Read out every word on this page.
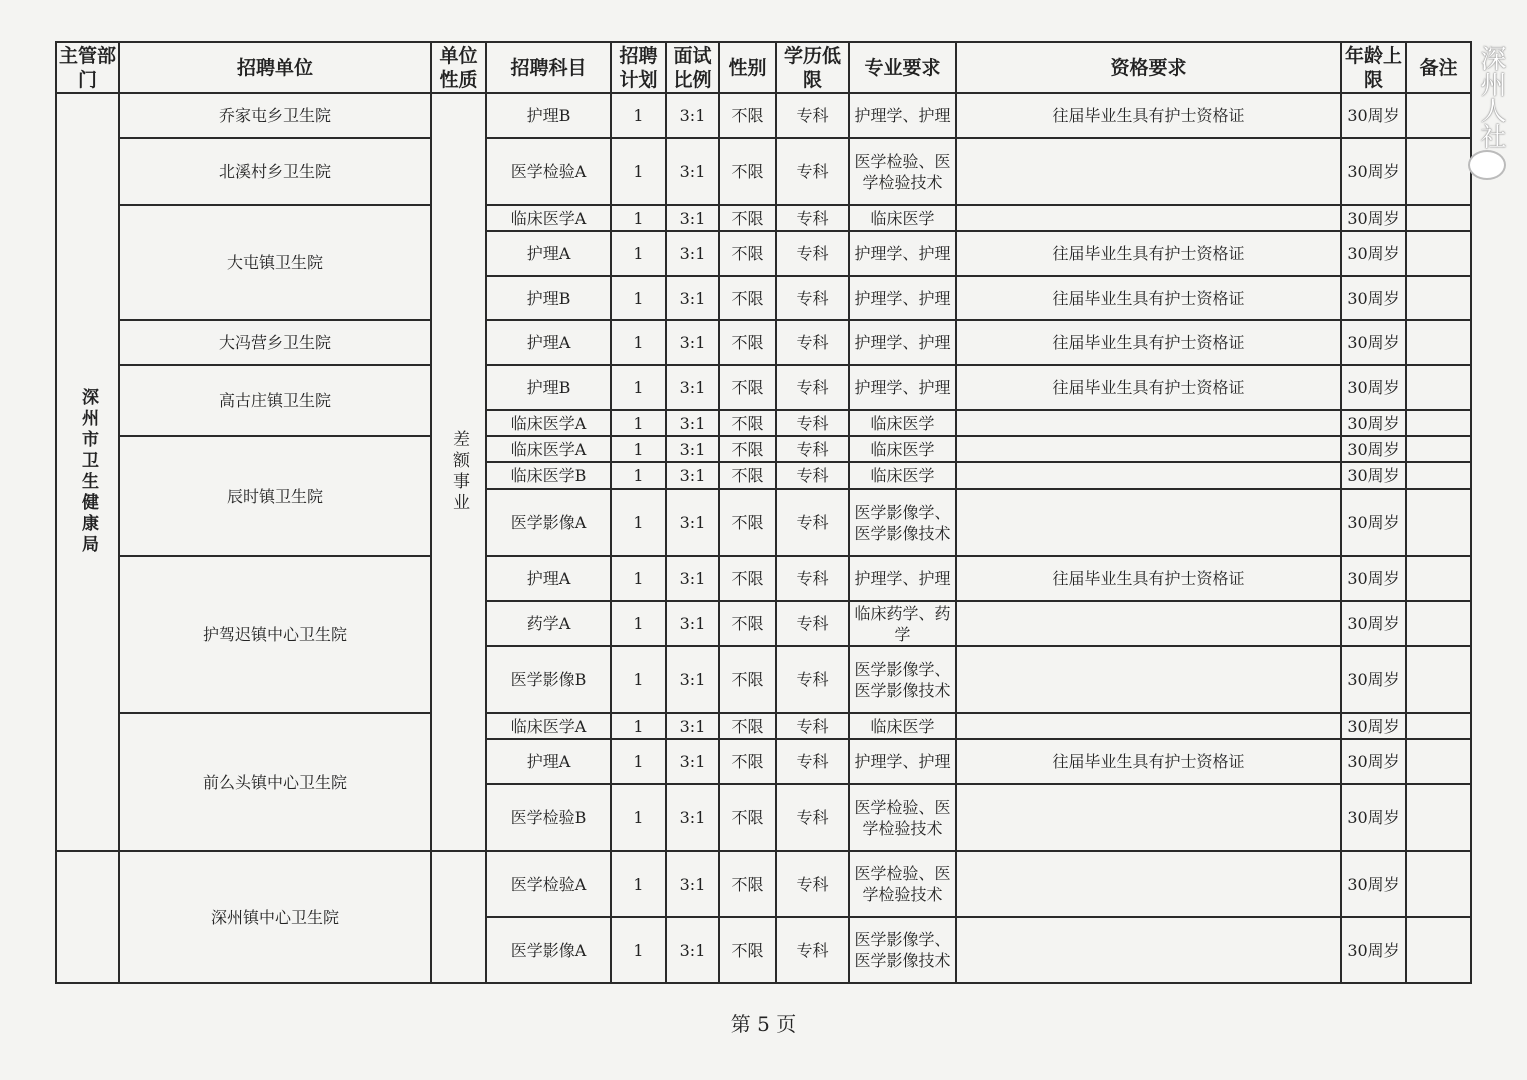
主管部门	招聘单位	单位性质	招聘科目	招聘计划	面试比例	性别	学历低限	专业要求	资格要求	年龄上限	备注

深州市卫生健康局	乔家屯乡卫生院	差额事业	护理B	1	3:1	不限	专科	护理学、护理	往届毕业生具有护士资格证	30周岁	
	北溪村乡卫生院		医学检验A	1	3:1	不限	专科	医学检验、医学检验技术		30周岁	
	大屯镇卫生院		临床医学A	1	3:1	不限	专科	临床医学		30周岁	
			护理A	1	3:1	不限	专科	护理学、护理	往届毕业生具有护士资格证	30周岁	
			护理B	1	3:1	不限	专科	护理学、护理	往届毕业生具有护士资格证	30周岁	
	大冯营乡卫生院		护理A	1	3:1	不限	专科	护理学、护理	往届毕业生具有护士资格证	30周岁	
	高古庄镇卫生院		护理B	1	3:1	不限	专科	护理学、护理	往届毕业生具有护士资格证	30周岁	
			临床医学A	1	3:1	不限	专科	临床医学		30周岁	
	辰时镇卫生院		临床医学A	1	3:1	不限	专科	临床医学		30周岁	
			临床医学B	1	3:1	不限	专科	临床医学		30周岁	
			医学影像A	1	3:1	不限	专科	医学影像学、医学影像技术		30周岁	
	护驾迟镇中心卫生院		护理A	1	3:1	不限	专科	护理学、护理	往届毕业生具有护士资格证	30周岁	
			药学A	1	3:1	不限	专科	临床药学、药学		30周岁	
			医学影像B	1	3:1	不限	专科	医学影像学、医学影像技术		30周岁	
	前么头镇中心卫生院		临床医学A	1	3:1	不限	专科	临床医学		30周岁	
			护理A	1	3:1	不限	专科	护理学、护理	往届毕业生具有护士资格证	30周岁	
			医学检验B	1	3:1	不限	专科	医学检验、医学检验技术		30周岁	

	深州镇中心卫生院		医学检验A	1	3:1	不限	专科	医学检验、医学检验技术		30周岁	
			医学影像A	1	3:1	不限	专科	医学影像学、医学影像技术		30周岁	
深州人社
第 5 页
